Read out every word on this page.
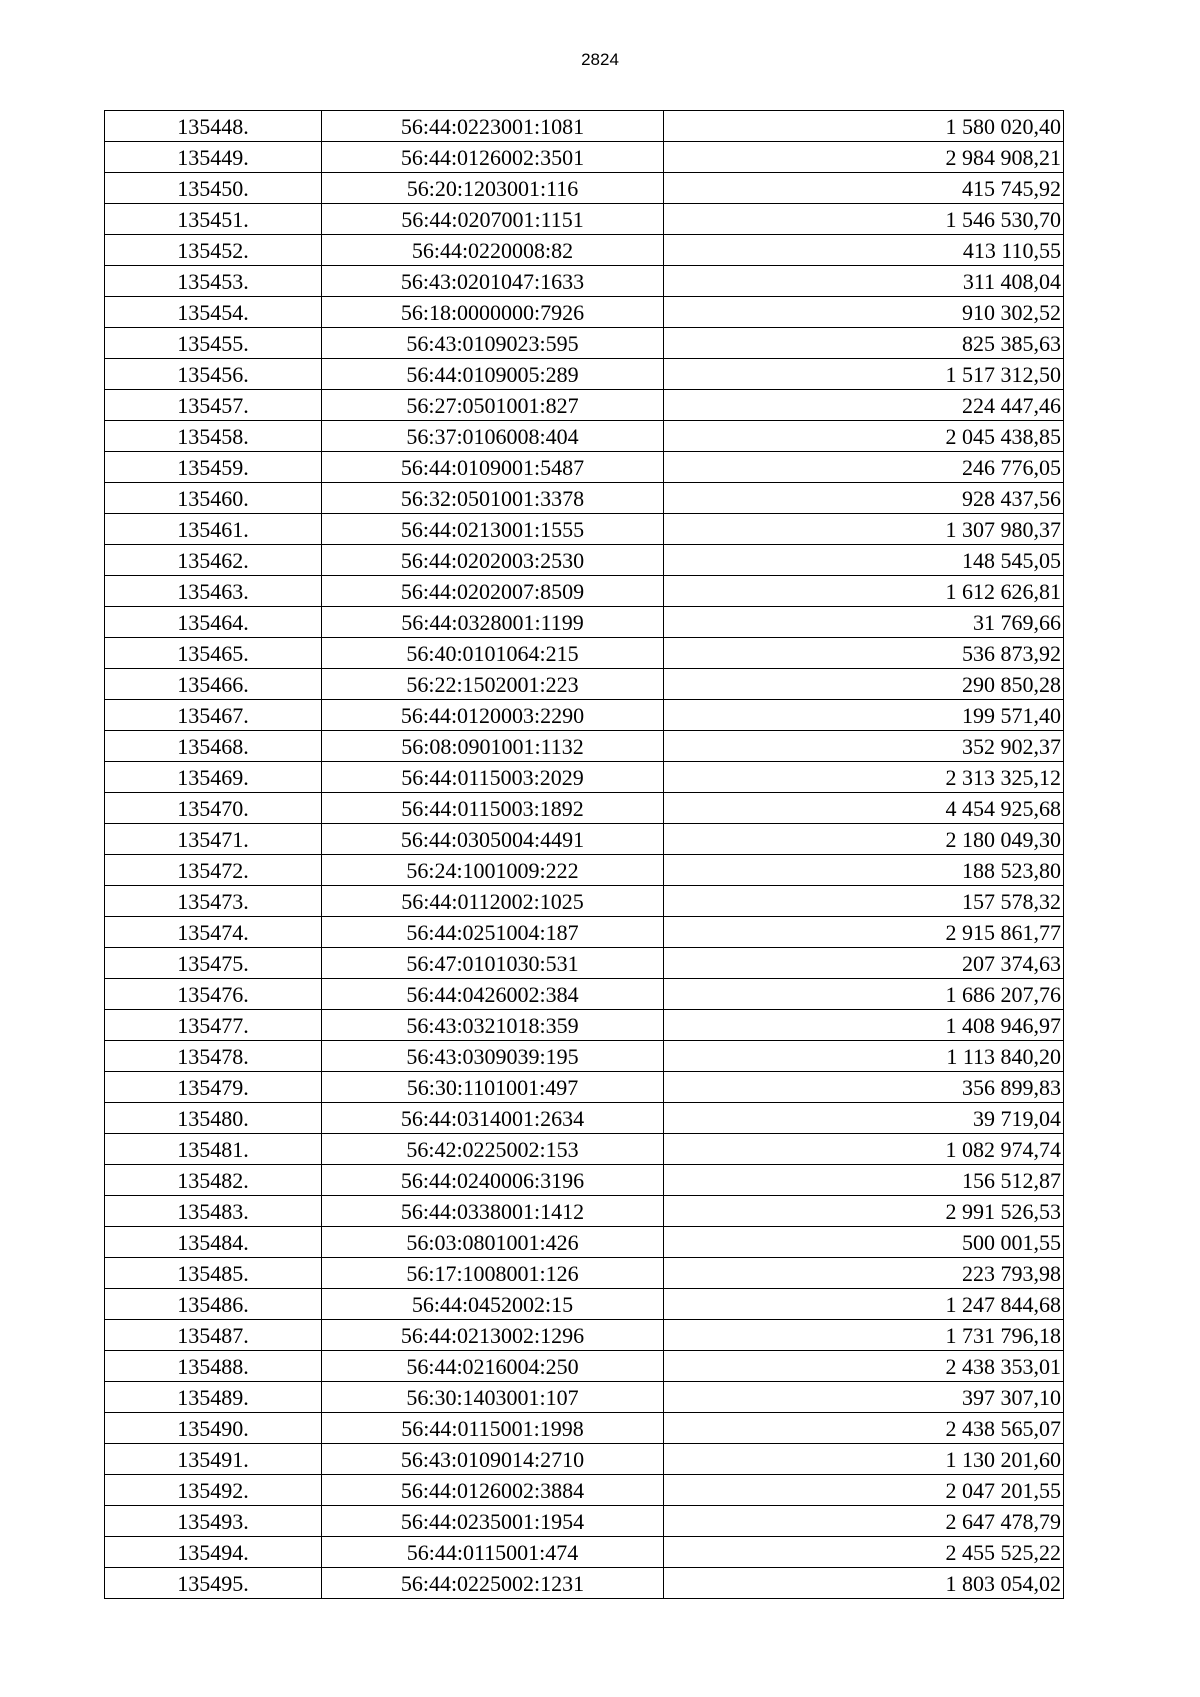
2824
135448.	56:44:0223001:1081	1 580 020,40
135449.	56:44:0126002:3501	2 984 908,21
135450.	56:20:1203001:116	415 745,92
135451.	56:44:0207001:1151	1 546 530,70
135452.	56:44:0220008:82	413 110,55
135453.	56:43:0201047:1633	311 408,04
135454.	56:18:0000000:7926	910 302,52
135455.	56:43:0109023:595	825 385,63
135456.	56:44:0109005:289	1 517 312,50
135457.	56:27:0501001:827	224 447,46
135458.	56:37:0106008:404	2 045 438,85
135459.	56:44:0109001:5487	246 776,05
135460.	56:32:0501001:3378	928 437,56
135461.	56:44:0213001:1555	1 307 980,37
135462.	56:44:0202003:2530	148 545,05
135463.	56:44:0202007:8509	1 612 626,81
135464.	56:44:0328001:1199	31 769,66
135465.	56:40:0101064:215	536 873,92
135466.	56:22:1502001:223	290 850,28
135467.	56:44:0120003:2290	199 571,40
135468.	56:08:0901001:1132	352 902,37
135469.	56:44:0115003:2029	2 313 325,12
135470.	56:44:0115003:1892	4 454 925,68
135471.	56:44:0305004:4491	2 180 049,30
135472.	56:24:1001009:222	188 523,80
135473.	56:44:0112002:1025	157 578,32
135474.	56:44:0251004:187	2 915 861,77
135475.	56:47:0101030:531	207 374,63
135476.	56:44:0426002:384	1 686 207,76
135477.	56:43:0321018:359	1 408 946,97
135478.	56:43:0309039:195	1 113 840,20
135479.	56:30:1101001:497	356 899,83
135480.	56:44:0314001:2634	39 719,04
135481.	56:42:0225002:153	1 082 974,74
135482.	56:44:0240006:3196	156 512,87
135483.	56:44:0338001:1412	2 991 526,53
135484.	56:03:0801001:426	500 001,55
135485.	56:17:1008001:126	223 793,98
135486.	56:44:0452002:15	1 247 844,68
135487.	56:44:0213002:1296	1 731 796,18
135488.	56:44:0216004:250	2 438 353,01
135489.	56:30:1403001:107	397 307,10
135490.	56:44:0115001:1998	2 438 565,07
135491.	56:43:0109014:2710	1 130 201,60
135492.	56:44:0126002:3884	2 047 201,55
135493.	56:44:0235001:1954	2 647 478,79
135494.	56:44:0115001:474	2 455 525,22
135495.	56:44:0225002:1231	1 803 054,02
